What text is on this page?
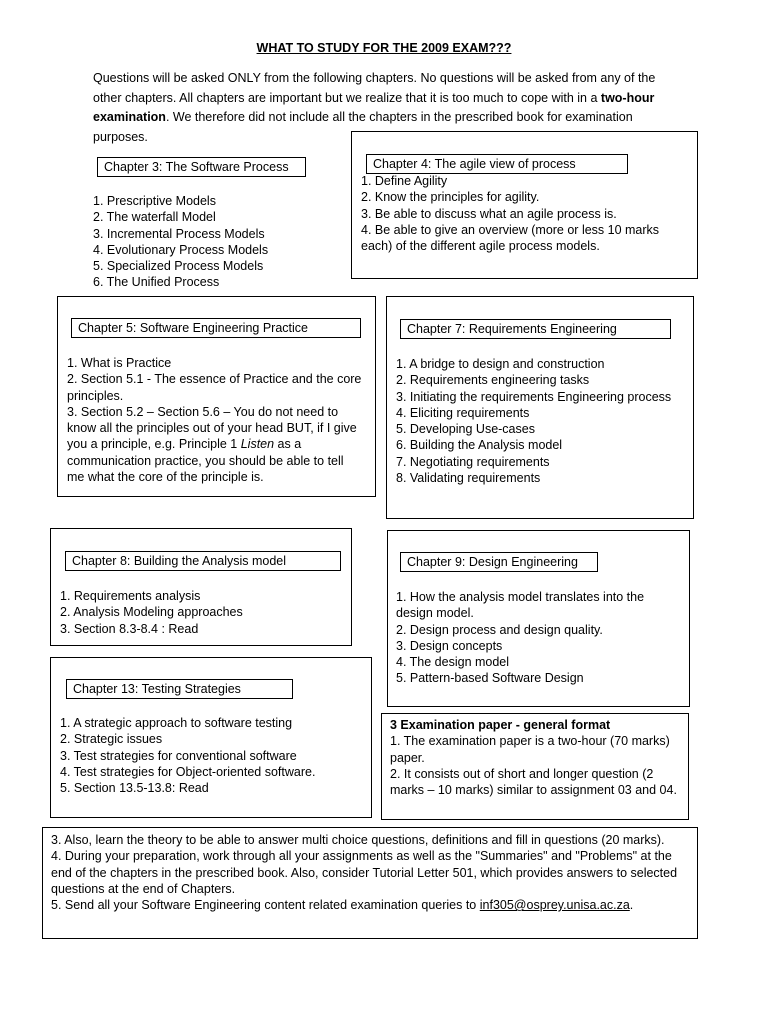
WHAT TO STUDY FOR THE 2009 EXAM???
Questions will be asked ONLY from the following chapters. No questions will be asked from any of the other chapters. All chapters are important but we realize that it is too much to cope with in a two-hour examination. We therefore did not include all the chapters in the prescribed book for examination purposes.
Chapter 3: The Software Process
1. Prescriptive Models
2. The waterfall Model
3. Incremental Process Models
4. Evolutionary Process Models
5. Specialized Process Models
6. The Unified Process
Chapter 4: The agile view of process
1. Define Agility
2. Know the principles for agility.
3. Be able to discuss what an agile process is.
4. Be able to give an overview (more or less 10 marks each) of the different agile process models.
Chapter 5: Software Engineering Practice
1. What is Practice
2. Section 5.1 - The essence of Practice and the core principles.
3. Section 5.2 – Section 5.6 – You do not need to know all the principles out of your head BUT, if I give you a principle, e.g. Principle 1 Listen as a communication practice, you should be able to tell me what the core of the principle is.
Chapter 7: Requirements Engineering
1. A bridge to design and construction
2. Requirements engineering tasks
3. Initiating the requirements Engineering process
4. Eliciting requirements
5. Developing Use-cases
6. Building the Analysis model
7. Negotiating requirements
8. Validating requirements
Chapter 8: Building the Analysis model
1. Requirements analysis
2. Analysis Modeling approaches
3. Section 8.3-8.4 : Read
Chapter 9: Design Engineering
1. How the analysis model translates into the design model.
2. Design process and design quality.
3. Design concepts
4. The design model
5. Pattern-based Software Design
Chapter 13: Testing Strategies
1. A strategic approach to software testing
2. Strategic issues
3. Test strategies for conventional software
4. Test strategies for Object-oriented software.
5. Section 13.5-13.8: Read
3 Examination paper - general format
1. The examination paper is a two-hour (70 marks) paper.
2. It consists out of short and longer question (2 marks – 10 marks) similar to assignment 03 and 04.
3. Also, learn the theory to be able to answer multi choice questions, definitions and fill in questions (20 marks).
4. During your preparation, work through all your assignments as well as the "Summaries" and "Problems" at the end of the chapters in the prescribed book. Also, consider Tutorial Letter 501, which provides answers to selected questions at the end of Chapters.
5. Send all your Software Engineering content related examination queries to inf305@osprey.unisa.ac.za.
